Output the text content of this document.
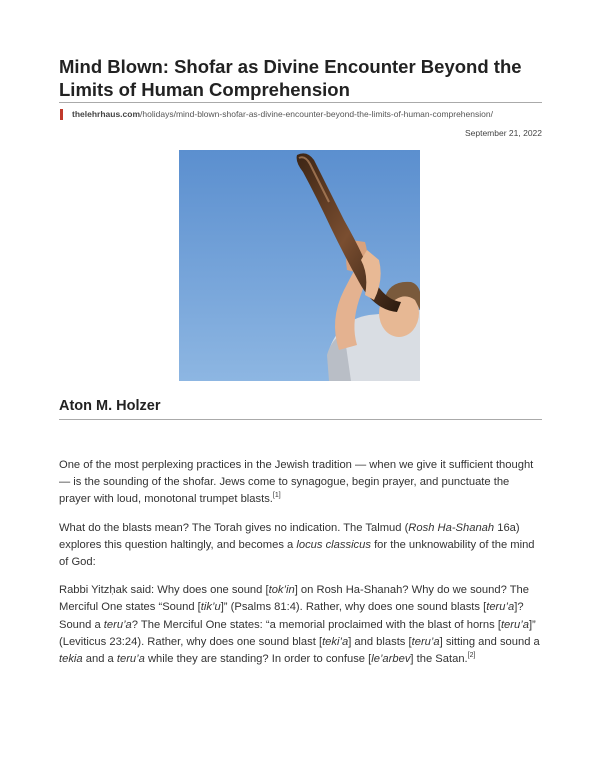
Mind Blown: Shofar as Divine Encounter Beyond the Limits of Human Comprehension
thelehrhaus.com/holidays/mind-blown-shofar-as-divine-encounter-beyond-the-limits-of-human-comprehension/
September 21, 2022
Aton M. Holzer

One of the most perplexing practices in the Jewish tradition — when we give it sufficient thought — is the sounding of the shofar. Jews come to synagogue, begin prayer, and punctuate the prayer with loud, monotonal trumpet blasts.[1]

What do the blasts mean? The Torah gives no indication. The Talmud (Rosh Ha-Shanah 16a) explores this question haltingly, and becomes a locus classicus for the unknowability of the mind of God:

Rabbi Yitzḥak said: Why does one sound [tok’in] on Rosh Ha-Shanah? Why do we sound? The Merciful One states “Sound [tik’u]” (Psalms 81:4). Rather, why does one sound blasts [teru’a]? Sound a teru’a? The Merciful One states: “a memorial proclaimed with the blast of horns [teru’a]” (Leviticus 23:24). Rather, why does one sound blast [teki’a] and blasts [teru’a] sitting and sound a tekia and a teru’a while they are standing? In order to confuse [le’arbev] the Satan.[2]
